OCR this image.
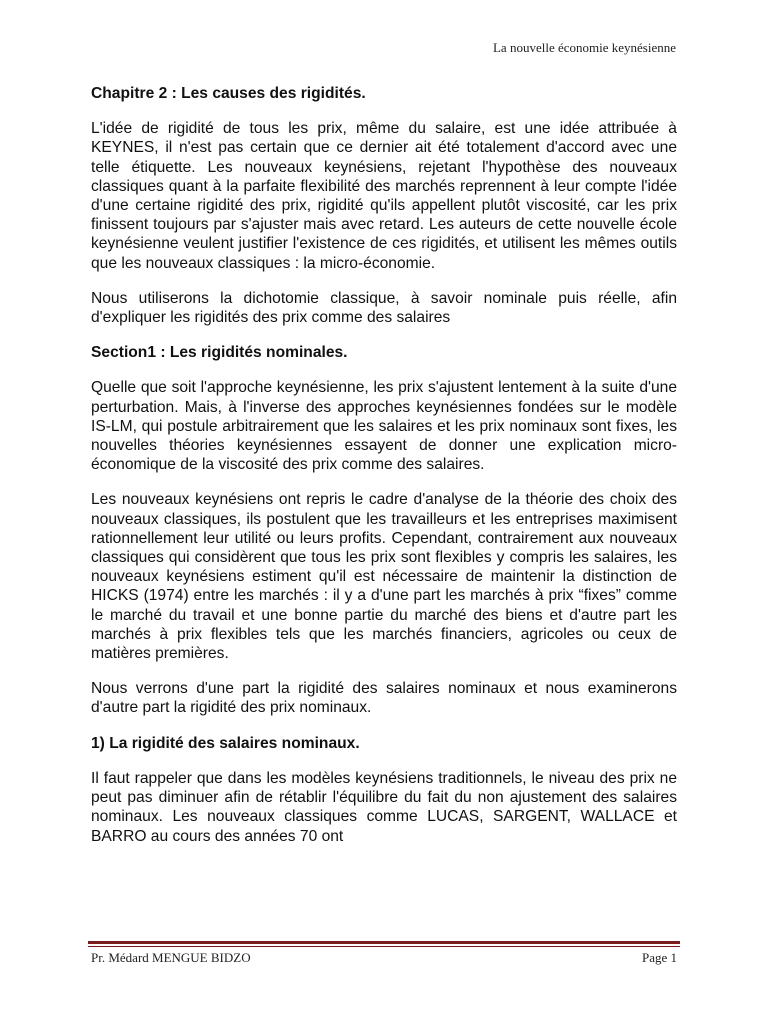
La nouvelle économie keynésienne
Chapitre 2 : Les causes des rigidités.

L'idée de rigidité de tous les prix, même du salaire, est une idée attribuée à KEYNES, il n'est pas certain que ce dernier ait été totalement d'accord avec une telle étiquette. Les nouveaux keynésiens, rejetant l'hypothèse des nouveaux classiques quant à la parfaite flexibilité des marchés reprennent à leur compte l'idée d'une certaine rigidité des prix, rigidité qu'ils appellent plutôt viscosité, car les prix finissent toujours par s'ajuster mais avec retard. Les auteurs de cette nouvelle école keynésienne veulent justifier l'existence de ces rigidités, et utilisent les mêmes outils que les nouveaux classiques : la micro-économie.

Nous utiliserons la dichotomie classique, à savoir nominale puis réelle, afin d'expliquer les rigidités des prix comme des salaires

Section1 : Les rigidités nominales.

Quelle que soit l'approche keynésienne, les prix s'ajustent lentement à la suite d'une perturbation. Mais, à l'inverse des approches keynésiennes fondées sur le modèle IS-LM, qui postule arbitrairement que les salaires et les prix nominaux sont fixes, les nouvelles théories keynésiennes essayent de donner une explication micro-économique de la viscosité des prix comme des salaires.

Les nouveaux keynésiens ont repris le cadre d'analyse de la théorie des choix des nouveaux classiques, ils postulent que les travailleurs et les entreprises maximisent rationnellement leur utilité ou leurs profits. Cependant, contrairement aux nouveaux classiques qui considèrent que tous les prix sont flexibles y compris les salaires, les nouveaux keynésiens estiment qu'il est nécessaire de maintenir la distinction de HICKS (1974) entre les marchés : il y a d'une part les marchés à prix “fixes” comme le marché du travail et une bonne partie du marché des biens et d'autre part les marchés à prix flexibles tels que les marchés financiers, agricoles ou ceux de matières premières.

Nous verrons d'une part la rigidité des salaires nominaux et nous examinerons d'autre part la rigidité des prix nominaux.

1) La rigidité des salaires nominaux.

Il faut rappeler que dans les modèles keynésiens traditionnels, le niveau des prix ne peut pas diminuer afin de rétablir l'équilibre du fait du non ajustement des salaires nominaux. Les nouveaux classiques comme LUCAS, SARGENT, WALLACE et BARRO au cours des années 70 ont

Pr. Médard MENGUE BIDZO	Page 1
